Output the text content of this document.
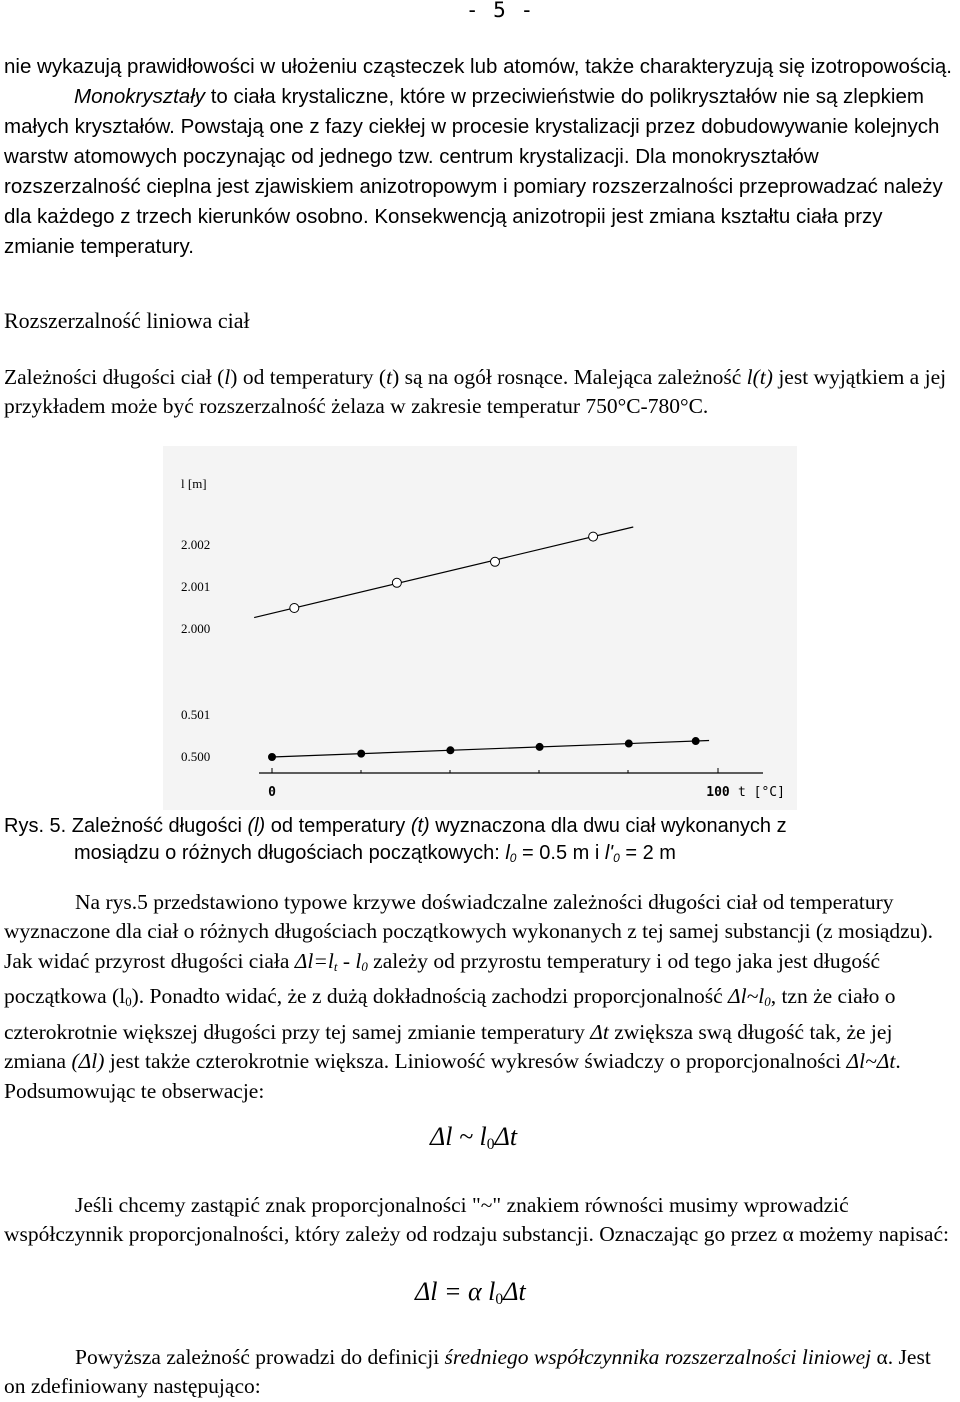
- 5 -

nie wykazują prawidłowości w ułożeniu cząsteczek lub atomów, także charakteryzują się izotropowością.
Monokryształy to ciała krystaliczne, które w przeciwieństwie do polikryształów nie są zlepkiem małych kryształów. Powstają one z fazy ciekłej w procesie krystalizacji przez dobudowywanie kolejnych warstw atomowych poczynając od jednego tzw. centrum krystalizacji. Dla monokryształów rozszerzalność cieplna jest zjawiskiem anizotropowym i pomiary rozszerzalności przeprowadzać należy dla każdego z trzech kierunków osobno. Konsekwencją anizotropii jest zmiana kształtu ciała przy zmianie temperatury.

Rozszerzalność liniowa ciał

Zależności długości ciał (l) od temperatury (t) są na ogół rosnące. Malejąca zależność l(t) jest wyjątkiem a jej przykładem może być rozszerzalność żelaza w zakresie temperatur 750°C-780°C.

l [m]
0	100 t [°C]
2.000
2.001
2.002
0.500
0.501
Rys. 5. Zależność długości (l) od temperatury (t) wyznaczona dla dwu ciał wykonanych z
mosiądzu o różnych długościach początkowych: $l_0 = 0.5$ m i $l'_0 = 2$ m

Na rys.5 przedstawiono typowe krzywe doświadczalne zależności długości ciał od temperatury wyznaczone dla ciał o różnych długościach początkowych wykonanych z tej samej substancji (z mosiądzu). Jak widać przyrost długości ciała $\Delta l=l_t - l_0$ zależy od przyrostu temperatury i od tego jaka jest długość początkowa $(l_0)$. Ponadto widać, że z dużą dokładnością zachodzi proporcjonalność $\Delta l\sim l_0$, tzn że ciało o czterokrotnie większej długości przy tej samej zmianie temperatury Δt zwiększa swą długość tak, że jej zmiana (Δl) jest także czterokrotnie większa. Liniowość wykresów świadczy o proporcjonalności Δl~Δt. Podsumowując te obserwacje:

Δl ~ $l_0\Delta t$

Jeśli chcemy zastąpić znak proporcjonalności "~" znakiem równości musimy wprowadzić współczynnik proporcjonalności, który zależy od rodzaju substancji. Oznaczając go przez α możemy napisać:

Δl = α $l_0\Delta t$

Powyższa zależność prowadzi do definicji średniego współczynnika rozszerzalności liniowej α. Jest on zdefiniowany następująco:
